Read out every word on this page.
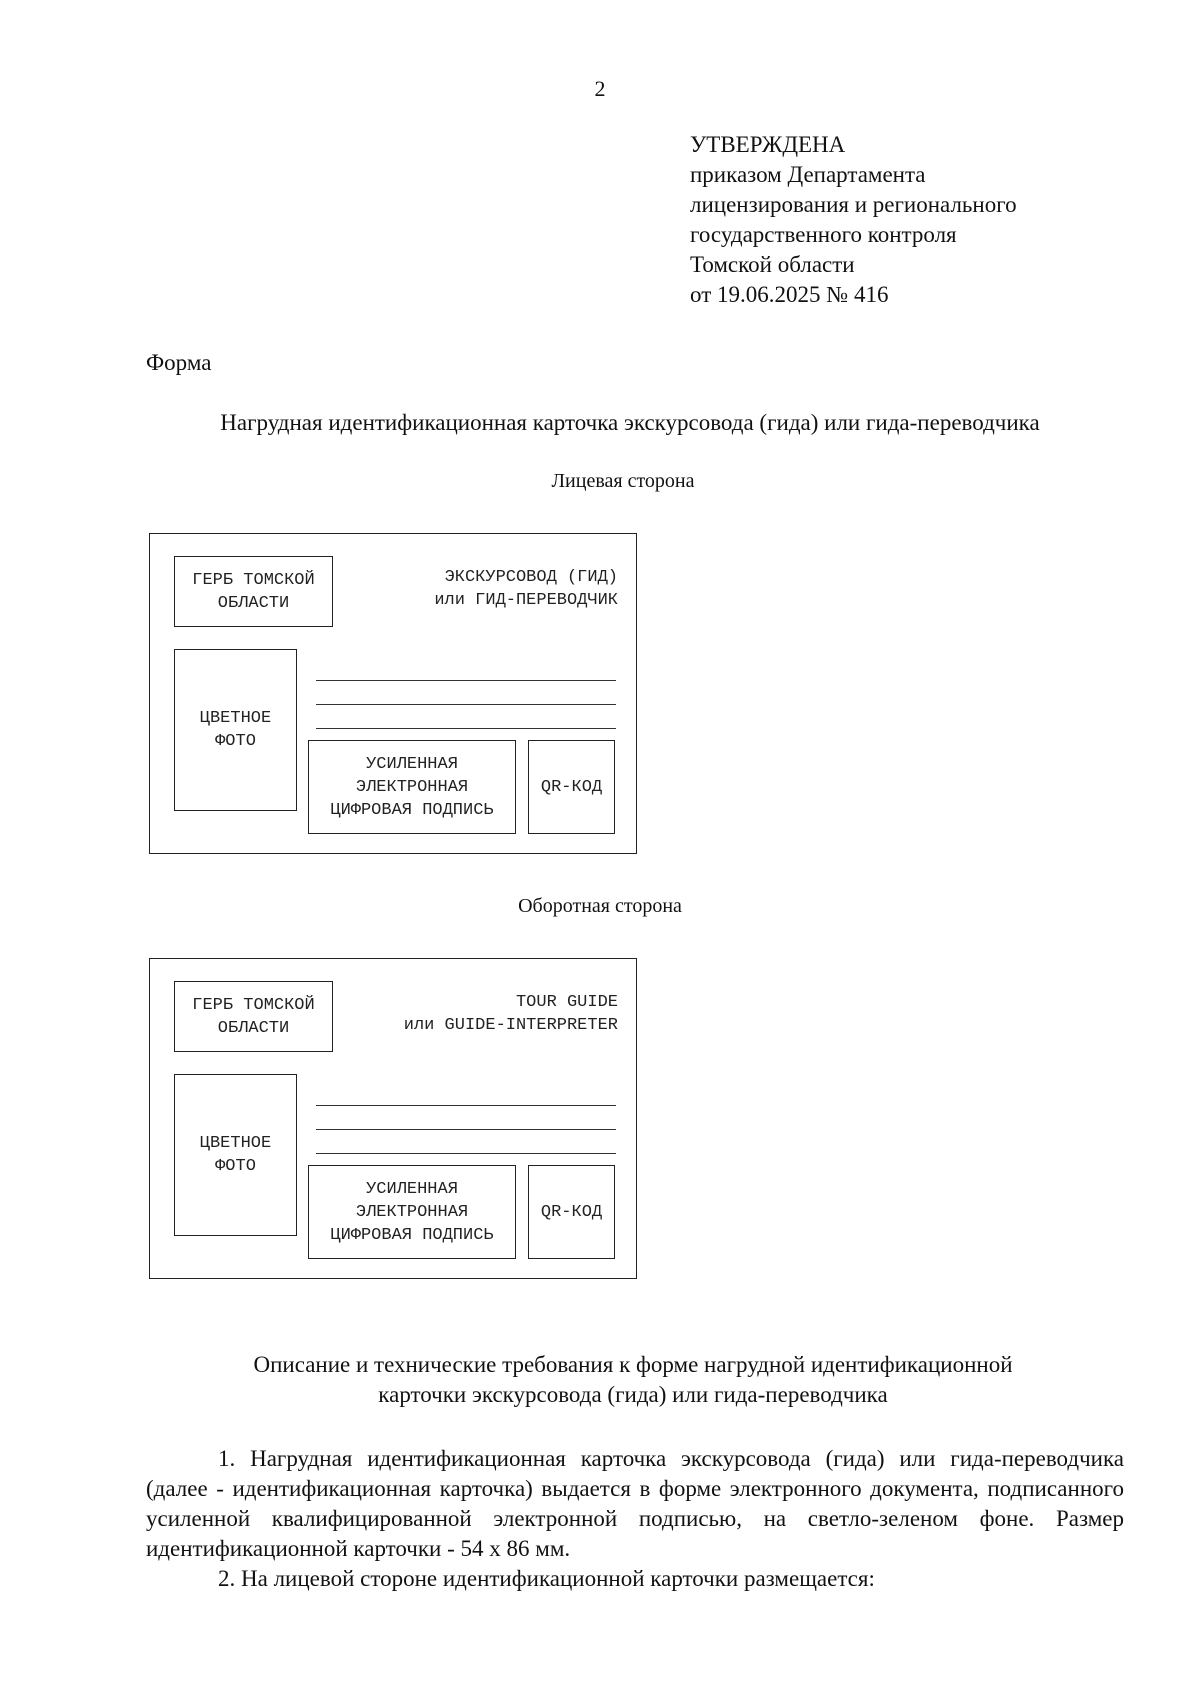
2
УТВЕРЖДЕНА
приказом Департамента
лицензирования и регионального
государственного контроля
Томской области
от 19.06.2025 № 416
Форма
Нагрудная идентификационная карточка экскурсовода (гида) или гида-переводчика
Лицевая сторона
ГЕРБ ТОМСКОЙ
ОБЛАСТИ
ЭКСКУРСОВОД (ГИД)
или ГИД-ПЕРЕВОДЧИК
ЦВЕТНОЕ
ФОТО
УСИЛЕННАЯ
ЭЛЕКТРОННАЯ
ЦИФРОВАЯ ПОДПИСЬ
QR-КОД
Оборотная сторона
ГЕРБ ТОМСКОЙ
ОБЛАСТИ
TOUR GUIDE
или GUIDE-INTERPRETER
ЦВЕТНОЕ
ФОТО
УСИЛЕННАЯ
ЭЛЕКТРОННАЯ
ЦИФРОВАЯ ПОДПИСЬ
QR-КОД
Описание и технические требования к форме нагрудной идентификационной
карточки экскурсовода (гида) или гида-переводчика

1. Нагрудная идентификационная карточка экскурсовода (гида) или гида-переводчика (далее - идентификационная карточка) выдается в форме электронного документа, подписанного усиленной квалифицированной электронной подписью, на светло-зеленом фоне. Размер идентификационной карточки - 54 х 86 мм.

2. На лицевой стороне идентификационной карточки размещается:
